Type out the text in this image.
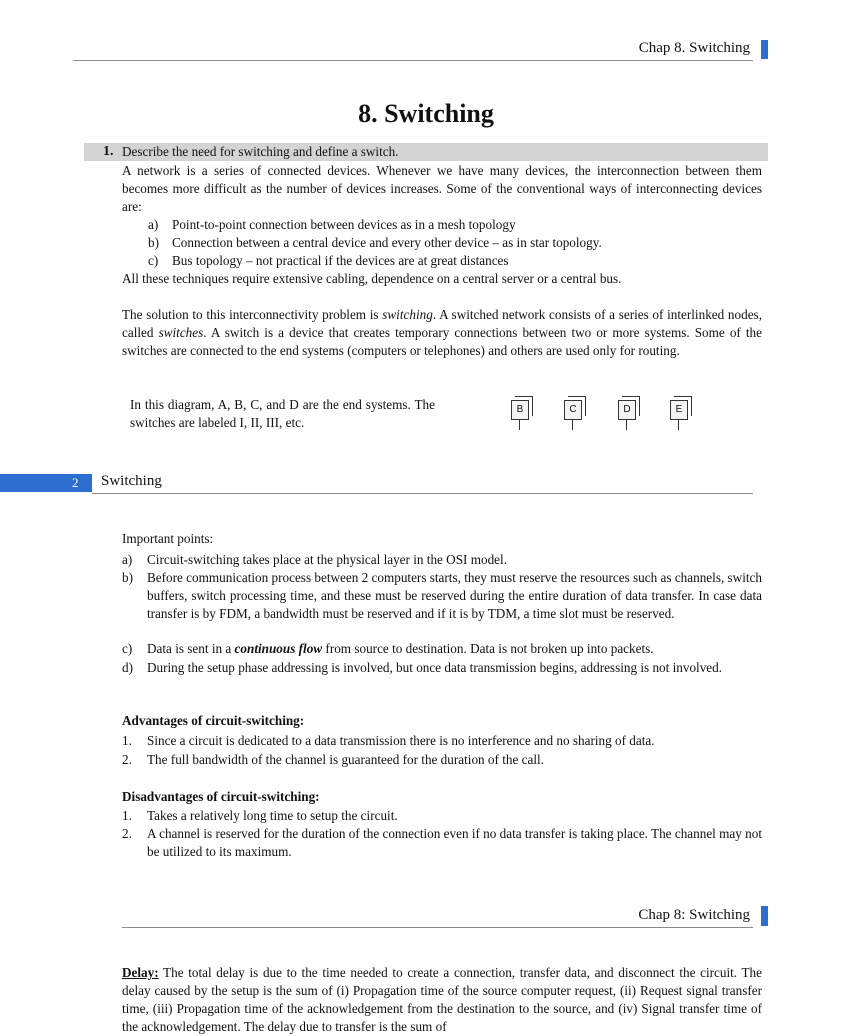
Chap 8. Switching
8. Switching
1. Describe the need for switching and define a switch.
A network is a series of connected devices. Whenever we have many devices, the interconnection between them becomes more difficult as the number of devices increases. Some of the conventional ways of interconnecting devices are:
a) Point-to-point connection between devices as in a mesh topology
b) Connection between a central device and every other device – as in star topology.
c) Bus topology – not practical if the devices are at great distances
All these techniques require extensive cabling, dependence on a central server or a central bus.
The solution to this interconnectivity problem is switching. A switched network consists of a series of interlinked nodes, called switches. A switch is a device that creates temporary connections between two or more systems. Some of the switches are connected to the end systems (computers or telephones) and others are used only for routing.
In this diagram, A, B, C, and D are the end systems. The switches are labeled I, II, III, etc.
B	C	D	E
2 Switching
Important points:
a) Circuit-switching takes place at the physical layer in the OSI model.
b) Before communication process between 2 computers starts, they must reserve the resources such as channels, switch buffers, switch processing time, and these must be reserved during the entire duration of data transfer. In case data transfer is by FDM, a bandwidth must be reserved and if it is by TDM, a time slot must be reserved.
c) Data is sent in a continuous flow from source to destination. Data is not broken up into packets.
d) During the setup phase addressing is involved, but once data transmission begins, addressing is not involved.
Advantages of circuit-switching:
1. Since a circuit is dedicated to a data transmission there is no interference and no sharing of data.
2. The full bandwidth of the channel is guaranteed for the duration of the call.
Disadvantages of circuit-switching:
1. Takes a relatively long time to setup the circuit.
2. A channel is reserved for the duration of the connection even if no data transfer is taking place. The channel may not be utilized to its maximum.
Chap 8: Switching
Delay: The total delay is due to the time needed to create a connection, transfer data, and disconnect the circuit. The delay caused by the setup is the sum of (i) Propagation time of the source computer request, (ii) Request signal transfer time, (iii) Propagation time of the acknowledgement from the destination to the source, and (iv) Signal transfer time of the acknowledgement. The delay due to transfer is the sum of
